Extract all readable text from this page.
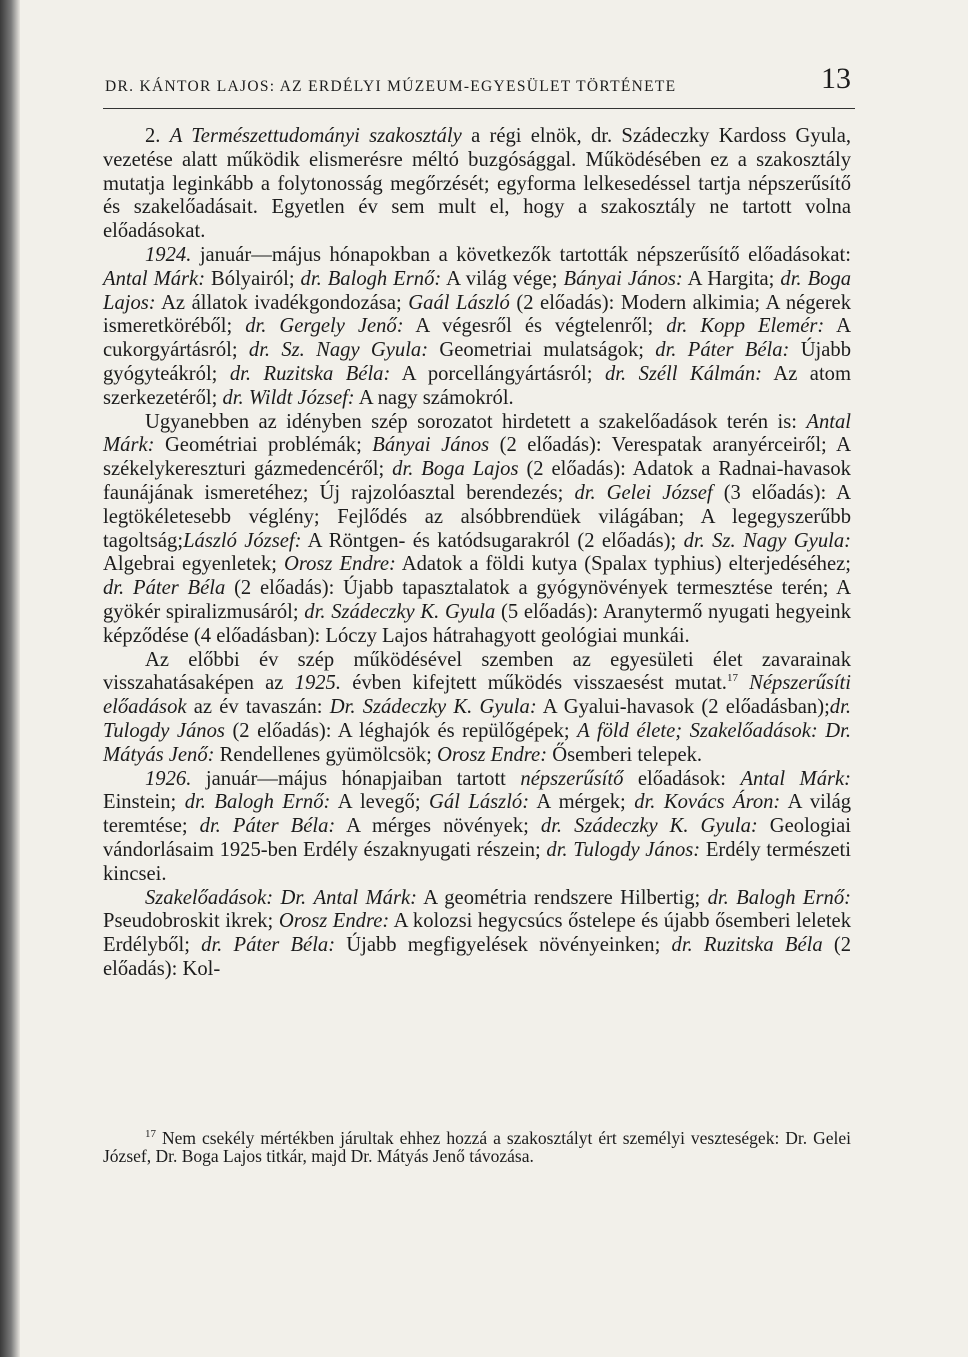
DR. KÁNTOR LAJOS: AZ ERDÉLYI MÚZEUM-EGYESÜLET TÖRTÉNETE	13

2. A Természettudományi szakosztály a régi elnök, dr. Szádeczky Kardoss Gyula, vezetése alatt működik elismerésre méltó buzgósággal. Működésében ez a szakosztály mutatja leginkább a folytonosság megőrzését; egyforma lelkesedéssel tartja népszerűsítő és szakelőadásait. Egyetlen év sem mult el, hogy a szakosztály ne tartott volna előadásokat.

1924. január—május hónapokban a következők tartották népszerűsítő előadásokat: Antal Márk: Bólyairól; dr. Balogh Ernő: A világ vége; Bányai János: A Hargita; dr. Boga Lajos: Az állatok ivadékgondozása; Gaál László (2 előadás): Modern alkimia; A négerek ismeretköréből; dr. Gergely Jenő: A végesről és végtelenről; dr. Kopp Elemér: A cukorgyártásról; dr. Sz. Nagy Gyula: Geometriai mulatságok; dr. Páter Béla: Újabb gyógyteákról; dr. Ruzitska Béla: A porcellángyártásról; dr. Széll Kálmán: Az atom szerkezetéről; dr. Wildt József: A nagy számokról.

Ugyanebben az idényben szép sorozatot hirdetett a szakelőadások terén is: Antal Márk: Geométriai problémák; Bányai János (2 előadás): Verespatak aranyérceiről; A székelykereszturi gázmedencéről; dr. Boga Lajos (2 előadás): Adatok a Radnai-havasok faunájának ismeretéhez; Új rajzolóasztal berendezés; dr. Gelei József (3 előadás): A legtökéletesebb véglény; Fejlődés az alsóbbrendüek világában; A legegyszerűbb tagoltság;László József: A Röntgen- és katódsugarakról (2 előadás); dr. Sz. Nagy Gyula: Algebrai egyenletek; Orosz Endre: Adatok a földi kutya (Spalax typhius) elterjedéséhez; dr. Páter Béla (2 előadás): Újabb tapasztalatok a gyógynövények termesztése terén; A gyökér spiralizmusáról; dr. Szádeczky K. Gyula (5 előadás): Aranytermő nyugati hegyeink képződése (4 előadásban): Lóczy Lajos hátrahagyott geológiai munkái.

Az előbbi év szép működésével szemben az egyesületi élet zavarainak visszahatásaképen az 1925. évben kifejtett működés visszaesést mutat.$^{17}$ Népszerűsíti előadások az év tavaszán: Dr. Szádeczky K. Gyula: A Gyalui-havasok (2 előadásban);dr. Tulogdy János (2 előadás): A léghajók és repülőgépek; A föld élete; Szakelőadások: Dr. Mátyás Jenő: Rendellenes gyümölcsök; Orosz Endre: Ősemberi telepek.

1926. január—május hónapjaiban tartott népszerűsítő előadások: Antal Márk: Einstein; dr. Balogh Ernő: A levegő; Gál László: A mérgek; dr. Kovács Áron: A világ teremtése; dr. Páter Béla: A mérges növények; dr. Szádeczky K. Gyula: Geologiai vándorlásaim 1925-ben Erdély északnyugati részein; dr. Tulogdy János: Erdély természeti kincsei.

Szakelőadások: Dr. Antal Márk: A geométria rendszere Hilbertig; dr. Balogh Ernő: Pseudobroskit ikrek; Orosz Endre: A kolozsi hegycsúcs őstelepe és újabb ősemberi leletek Erdélyből; dr. Páter Béla: Újabb megfigyelések növényeinken; dr. Ruzitska Béla (2 előadás): Kol-

$^{17}$ Nem csekély mértékben járultak ehhez hozzá a szakosztályt ért személyi veszteségek: Dr. Gelei József, Dr. Boga Lajos titkár, majd Dr. Mátyás Jenő távozása.
